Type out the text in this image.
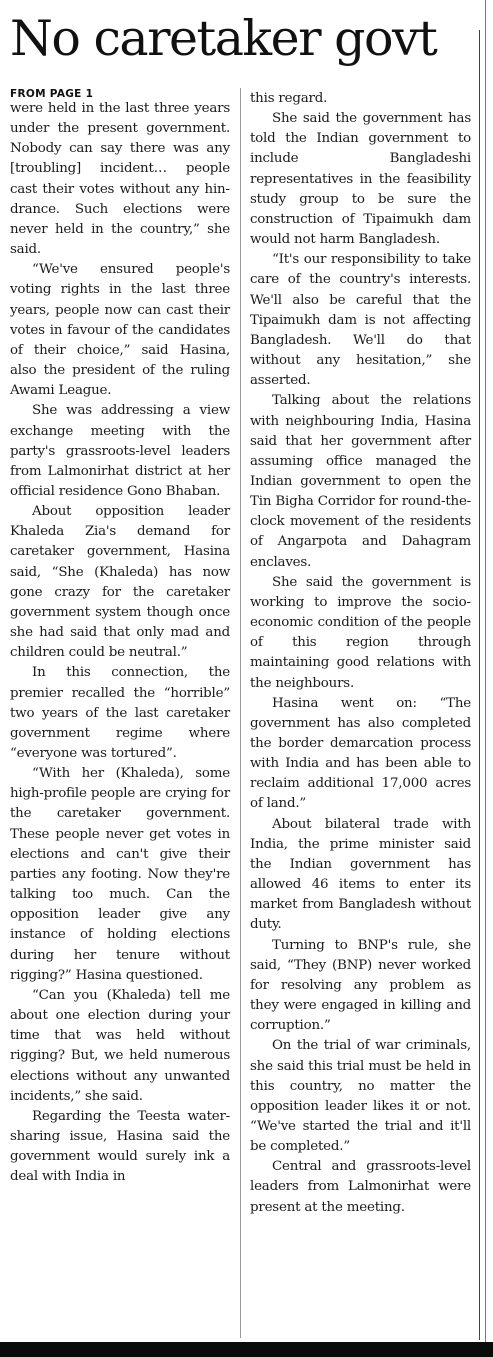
No caretaker govt
FROM PAGE 1

were held in the last three years under the present government. Nobody can say there was any [troubling] incident… people cast their votes without any hindrance. Such elections were never held in the country,” she said.

“We've ensured people's voting rights in the last three years, people now can cast their votes in favour of the candidates of their choice,” said Hasina, also the president of the ruling Awami League.

She was addressing a view exchange meeting with the party's grassroots-level leaders from Lalmonirhat district at her official residence Gono Bhaban.

About opposition leader Khaleda Zia's demand for caretaker government, Hasina said, “She (Khaleda) has now gone crazy for the caretaker government system though once she had said that only mad and children could be neutral.”

In this connection, the premier recalled the “horrible” two years of the last caretaker government regime where “everyone was tortured”.

“With her (Khaleda), some high-profile people are crying for the caretaker government. These people never get votes in elections and can't give their parties any footing. Now they're talking too much. Can the opposition leader give any instance of holding elections during her tenure without rigging?” Hasina questioned.

“Can you (Khaleda) tell me about one election during your time that was held without rigging? But, we held numerous elections without any unwanted incidents,” she said.

Regarding the Teesta water-sharing issue, Hasina said the government would surely ink a deal with India in

this regard.

She said the government has told the Indian government to include Bangladeshi representatives in the feasibility study group to be sure the construction of Tipaimukh dam would not harm Bangladesh.

“It's our responsibility to take care of the country's interests. We'll also be careful that the Tipaimukh dam is not affecting Bangladesh. We'll do that without any hesitation,” she asserted.

Talking about the relations with neighbouring India, Hasina said that her government after assuming office managed the Indian government to open the Tin Bigha Corridor for round-the-clock movement of the residents of Angarpota and Dahagram enclaves.

She said the government is working to improve the socioeconomic condition of the people of this region through maintaining good relations with the neighbours.

Hasina went on: “The government has also completed the border demarcation process with India and has been able to reclaim additional 17,000 acres of land.”

About bilateral trade with India, the prime minister said the Indian government has allowed 46 items to enter its market from Bangladesh without duty.

Turning to BNP's rule, she said, “They (BNP) never worked for resolving any problem as they were engaged in killing and corruption.”

On the trial of war criminals, she said this trial must be held in this country, no matter the opposition leader likes it or not. “We've started the trial and it'll be completed.”

Central and grassroots-level leaders from Lalmonirhat were present at the meeting.
